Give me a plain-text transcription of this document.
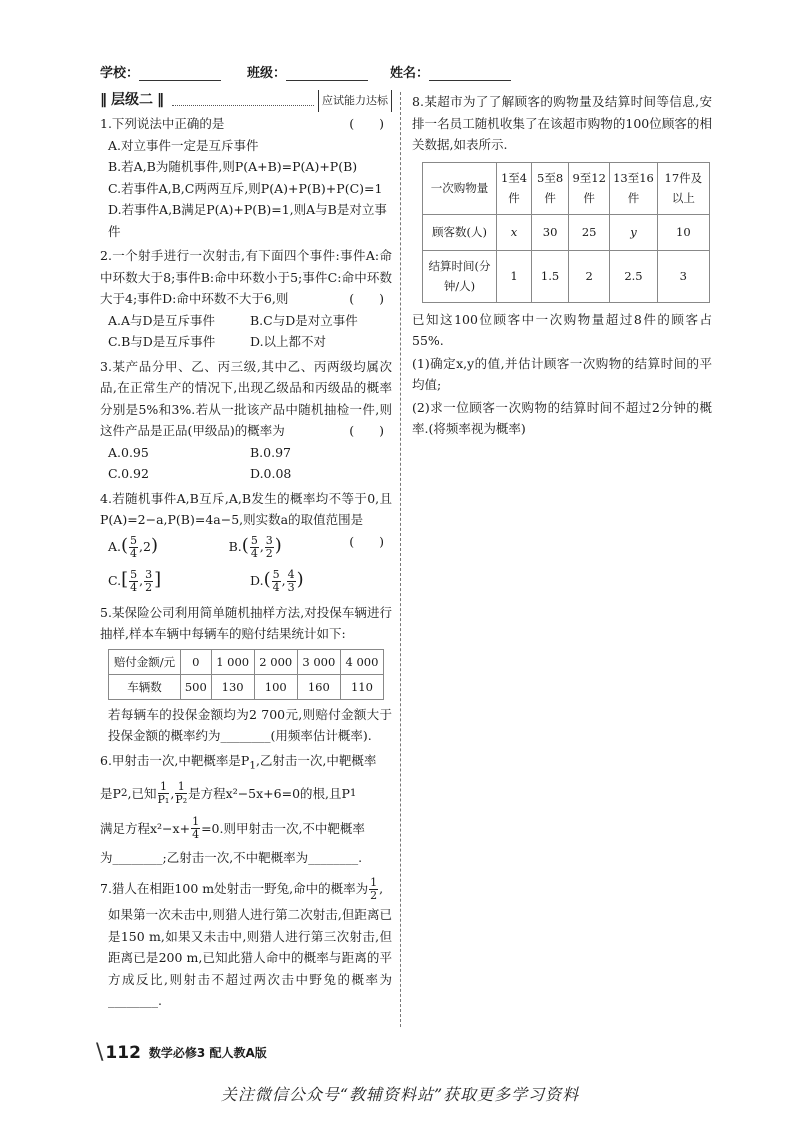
学校：	班级：	姓名：
‖ 层级二 ‖	应试能力达标
(　　)
1.下列说法中正确的是
A.对立事件一定是互斥事件
B.若A,B为随机事件,则P(A+B)=P(A)+P(B)
C.若事件A,B,C两两互斥,则P(A)+P(B)+P(C)=1
D.若事件A,B满足P(A)+P(B)=1,则A与B是对立事件
2.一个射手进行一次射击,有下面四个事件:事件A:命中环数大于8;事件B:命中环数小于5;事件C:命中环数大于4;事件D:命中环数不大于6,则	(　　)
A.A与D是互斥事件	B.C与D是对立事件
C.B与D是互斥事件	D.以上都不对
3.某产品分甲、乙、丙三级,其中乙、丙两级均属次品,在正常生产的情况下,出现乙级品和丙级品的概率分别是5%和3%.若从一批该产品中随机抽检一件,则这件产品是正品(甲级品)的概率为	(　　)
A.0.95	B.0.97
C.0.92	D.0.08
4.若随机事件A,B互斥,A,B发生的概率均不等于0,且P(A)=2−a,P(B)=4a−5,则实数a的取值范围是
(　　)
$A.( \frac{5}{4} ,2)$	$B.( \frac{5}{4}$ , $\frac{3}{2}$ )
$C.[ \frac{5}{4}$ , $\frac{3}{2}$ ]	$D.( \frac{5}{4}$ , $\frac{4}{3}$ )
5.某保险公司利用简单随机抽样方法,对投保车辆进行抽样,样本车辆中每辆车的赔付结果统计如下:
赔付金额/元	0	1 000	2 000	3 000	4 000
车辆数	500	130	100	160	110
若每辆车的投保金额均为2 700元,则赔付金额大于投保金额的概率约为________(用频率估计概率).
6.甲射击一次,中靶概率是$P_1$,乙射击一次,中靶概率
是P 2 ,已知 $\frac{1}{\text{P₁}}$ , $\frac{1}{\text{P₂}}$ 是方程x²−5x+6=0的根,且P 1
满足方程$x^2-x+ \frac{1}{4} =0$.则甲射击一次,不中靶概率
为________;乙射击一次,不中靶概率为________.
7.猎人在相距100 m处射击一野兔,命中的概率为 $\frac{1}{2}$ ,
如果第一次未击中,则猎人进行第二次射击,但距离已是150 m,如果又未击中,则猎人进行第三次射击,但距离已是200 m,已知此猎人命中的概率与距离的平方成反比,则射击不超过两次击中野兔的概率为________.
8.某超市为了了解顾客的购物量及结算时间等信息,安排一名员工随机收集了在该超市购物的100位顾客的相关数据,如表所示.
一次购物量	1至4件	5至8件	9至12件	13至16件	17件及以上
顾客数(人)	x	30	25	y	10
结算时间(分钟/人)	1	1.5	2	2.5	3
已知这100位顾客中一次购物量超过8件的顾客占55%.
(1)确定x,y的值,并估计顾客一次购物的结算时间的平均值;
(2)求一位顾客一次购物的结算时间不超过2分钟的概率.(将频率视为概率)
\ 112 数学必修3 配人教A版
关注微信公众号“教辅资料站”获取更多学习资料
